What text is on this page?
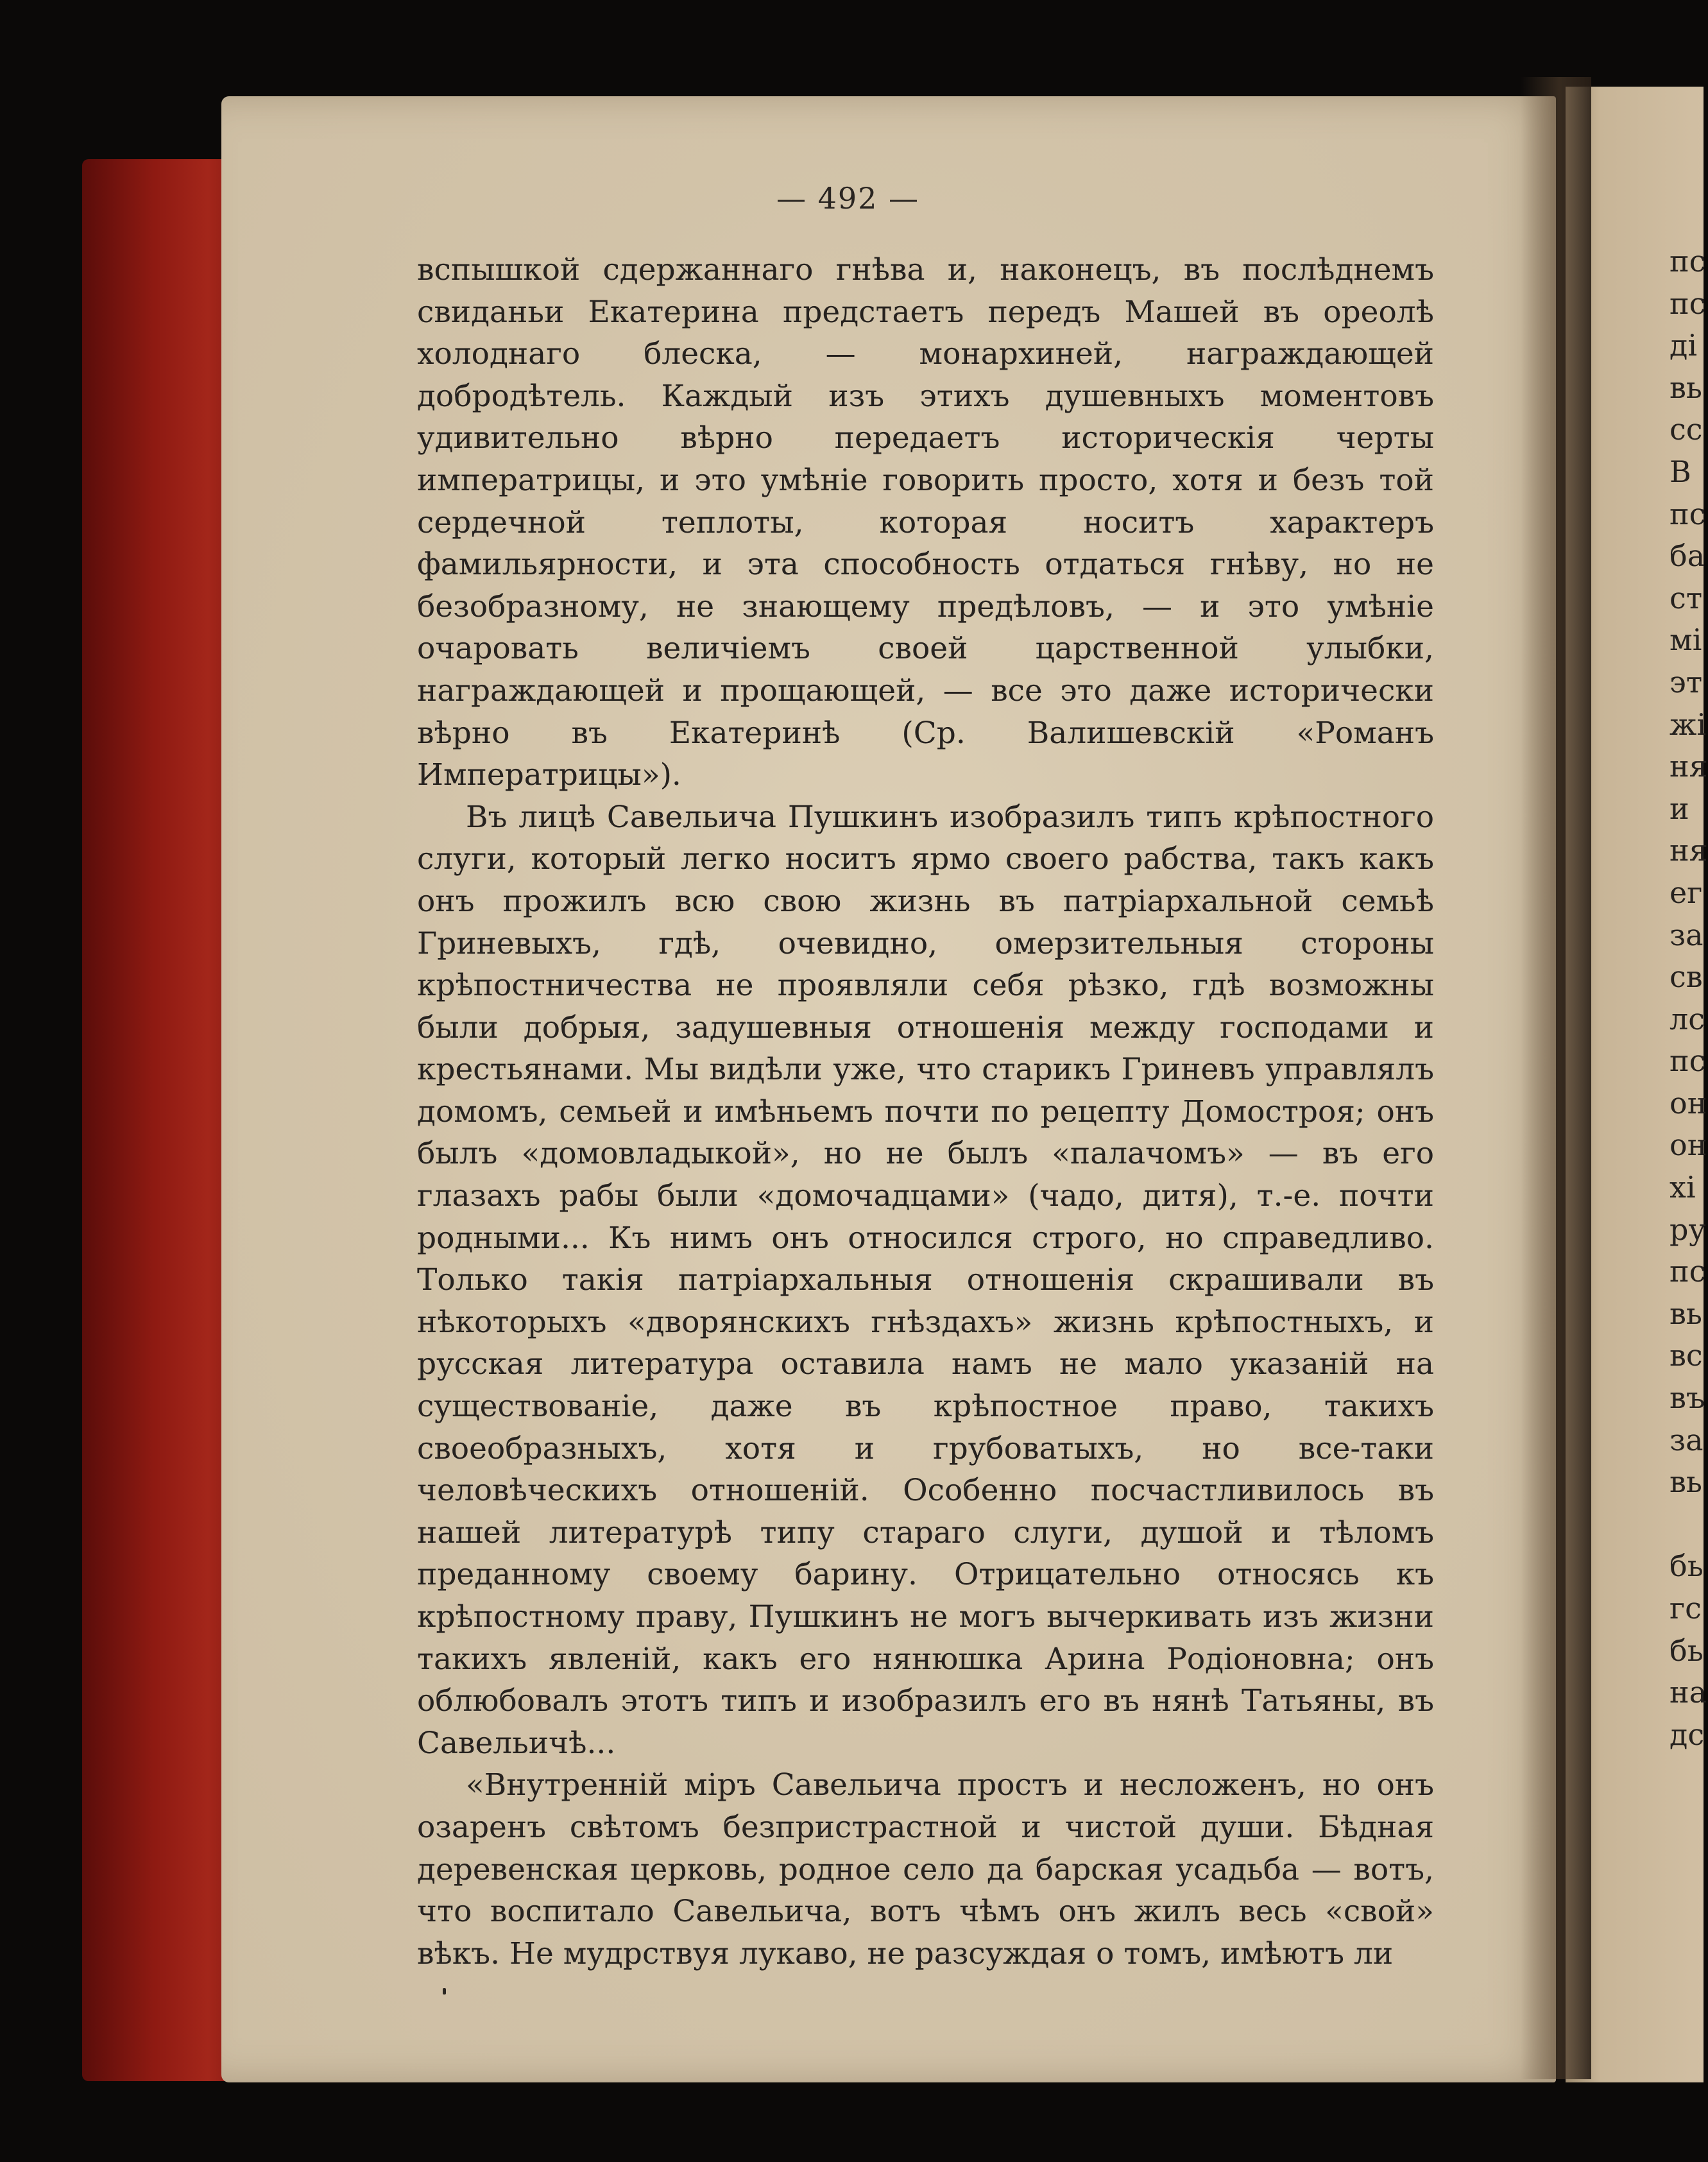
— 492 —

вспышкой сдержаннаго гнѣва и, наконецъ, въ послѣднемъ свиданьи Екатерина предстаетъ передъ Машей въ ореолѣ холоднаго блеска, — монархиней, награждающей добродѣтель. Каждый изъ этихъ душевныхъ моментовъ удивительно вѣрно передаетъ историческія черты императрицы, и это умѣніе говорить просто, хотя и безъ той сердечной теплоты, которая носитъ характеръ фамильярности, и эта способность отдаться гнѣву, но не безобразному, не знающему предѣловъ, — и это умѣніе очаровать величіемъ своей царственной улыбки, награждающей и прощающей, — все это даже исторически вѣрно въ Екатеринѣ (Ср. Валишевскій «Романъ Императрицы»).

Въ лицѣ Савельича Пушкинъ изобразилъ типъ крѣпостного слуги, который легко носитъ ярмо своего рабства, такъ какъ онъ прожилъ всю свою жизнь въ патріархальной семьѣ Гриневыхъ, гдѣ, очевидно, омерзительныя стороны крѣпостничества не проявляли себя рѣзко, гдѣ возможны были добрыя, задушевныя отношенія между господами и крестьянами. Мы видѣли уже, что старикъ Гриневъ управлялъ домомъ, семьей и имѣньемъ почти по рецепту Домостроя; онъ былъ «домовладыкой», но не былъ «палачомъ» — въ его глазахъ рабы были «домочадцами» (чадо, дитя), т.-е. почти родными... Къ нимъ онъ относился строго, но справедливо. Только такія патріархальныя отношенія скрашивали въ нѣкоторыхъ «дворянскихъ гнѣздахъ» жизнь крѣпостныхъ, и русская литература оставила намъ не мало указаній на существованіе, даже въ крѣпостное право, такихъ своеобразныхъ, хотя и грубоватыхъ, но все-таки человѣческихъ отношеній. Особенно посчастливилось въ нашей литературѣ типу стараго слуги, душой и тѣломъ преданному своему барину. Отрицательно относясь къ крѣпостному праву, Пушкинъ не могъ вычеркивать изъ жизни такихъ явленій, какъ его нянюшка Арина Родіоновна; онъ облюбовалъ этотъ типъ и изобразилъ его въ нянѣ Татьяны, въ Савельичѣ...

«Внутренній міръ Савельича простъ и несложенъ, но онъ озаренъ свѣтомъ безпристрастной и чистой души. Бѣдная деревенская церковь, родное село да барская усадьба — вотъ, что воспитало Савельича, вотъ чѣмъ онъ жилъ весь «свой» вѣкъ. Не мудрствуя лукаво, не разсуждая о томъ, имѣютъ ли

пс
пс
ді
вь
сс
В
пс
ба
ст
мі
эт
жі
ня
и
ня
ег
за
св
лс
пс
он
он
хі
ру
пс
вь
вс
въ
за
вь
бь
гс
бь
на
дс
